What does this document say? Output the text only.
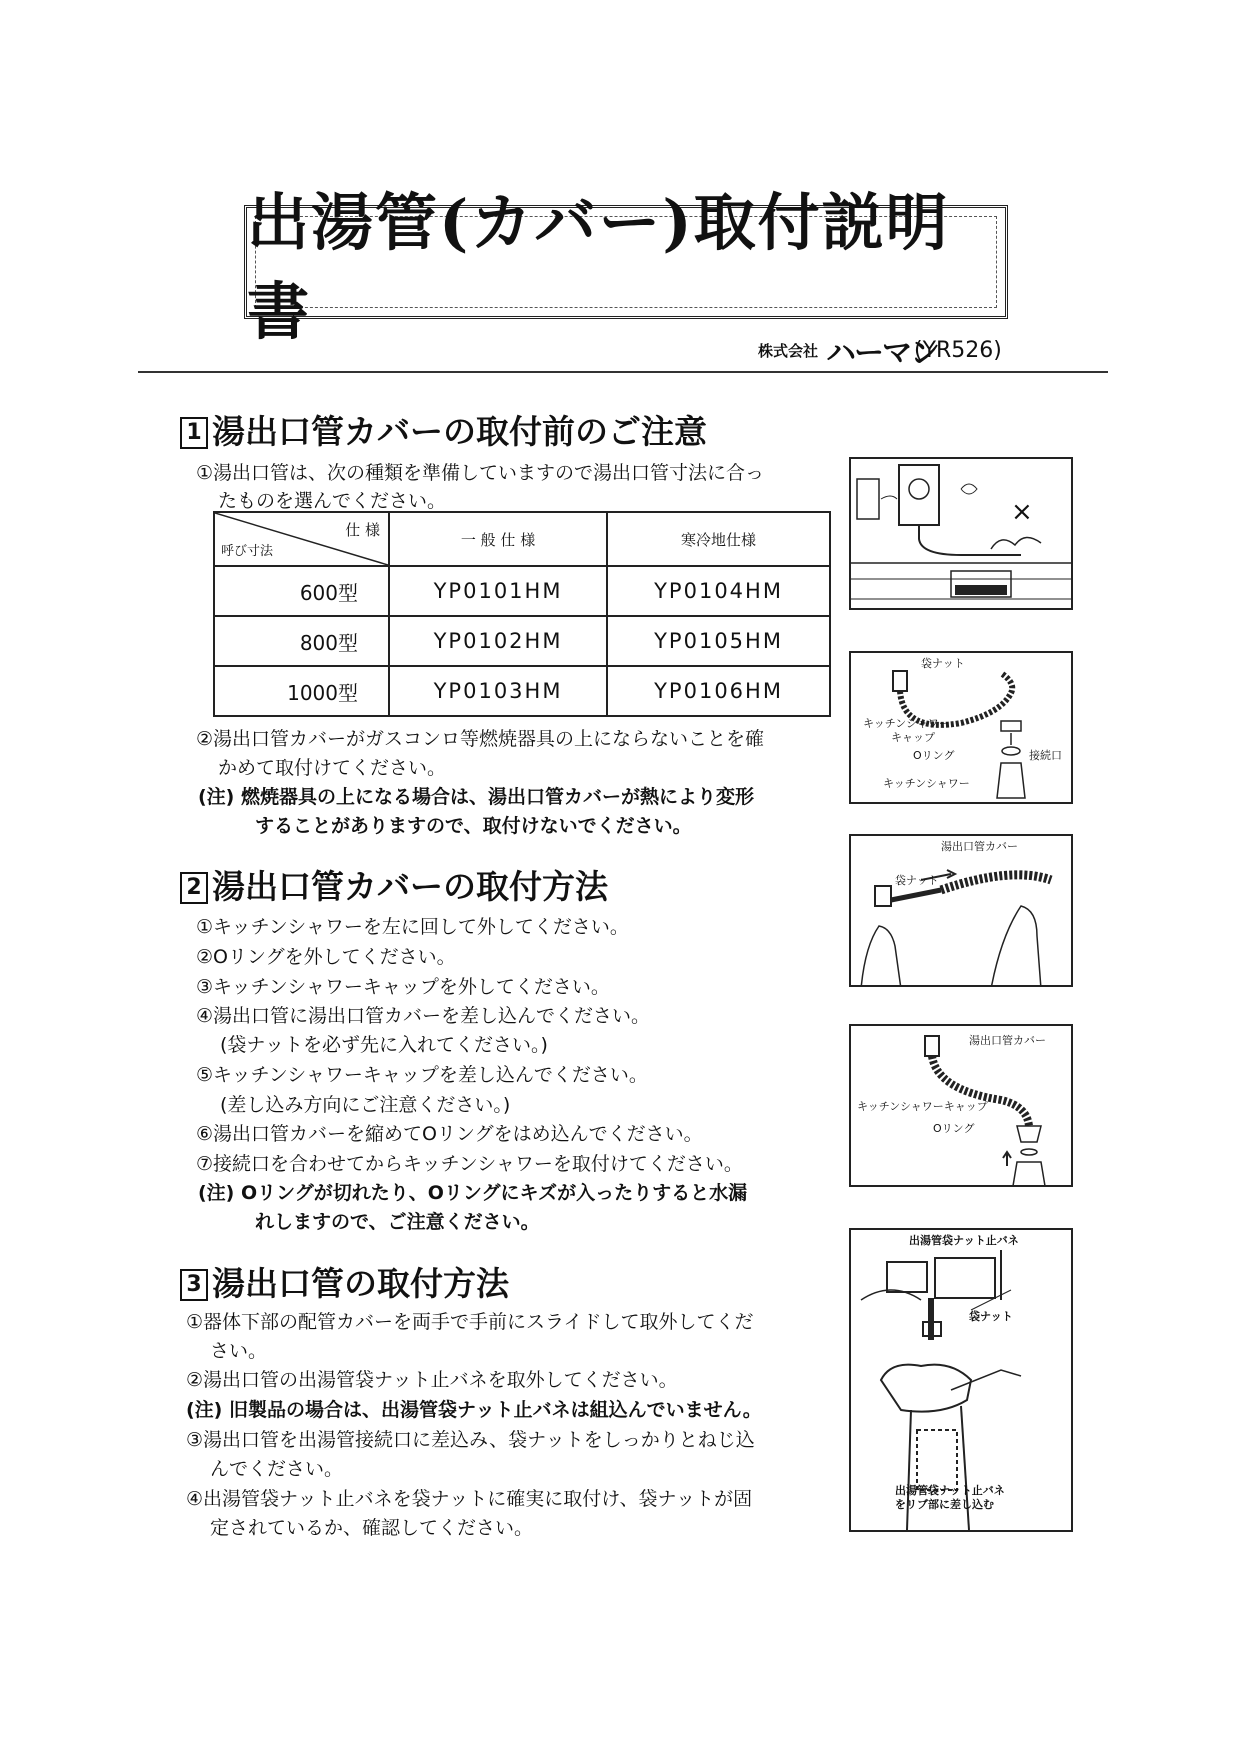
出湯管(カバー)取付説明書
株式会社 ハーマン
(YR526)
1 湯出口管カバーの取付前のご注意
①湯出口管は、次の種類を準備していますので湯出口管寸法に合っ
たものを選んでください。
仕 様
呼び寸法	一 般 仕 様	寒冷地仕様
600型	YP0101HM	YP0104HM
800型	YP0102HM	YP0105HM
1000型	YP0103HM	YP0106HM
②湯出口管カバーがガスコンロ等燃焼器具の上にならないことを確
かめて取付けてください。
(注) 燃焼器具の上になる場合は、湯出口管カバーが熱により変形
することがありますので、取付けないでください。
2 湯出口管カバーの取付方法
①キッチンシャワーを左に回して外してください。
②Oリングを外してください。
③キッチンシャワーキャップを外してください。
④湯出口管に湯出口管カバーを差し込んでください。
(袋ナットを必ず先に入れてください。)
⑤キッチンシャワーキャップを差し込んでください。
(差し込み方向にご注意ください。)
⑥湯出口管カバーを縮めてOリングをはめ込んでください。
⑦接続口を合わせてからキッチンシャワーを取付けてください。
(注) Oリングが切れたり、Oリングにキズが入ったりすると水漏
れしますので、ご注意ください。
3 湯出口管の取付方法
①器体下部の配管カバーを両手で手前にスライドして取外してくだ
さい。
②湯出口管の出湯管袋ナット止バネを取外してください。
(注) 旧製品の場合は、出湯管袋ナット止バネは組込んでいません。
③湯出口管を出湯管接続口に差込み、袋ナットをしっかりとねじ込
んでください。
④出湯管袋ナット止バネを袋ナットに確実に取付け、袋ナットが固
定されているか、確認してください。
×
袋ナット
キッチンシャワー
キャップ
Oリング	接続口
キッチンシャワー
湯出口管カバー
袋ナット
湯出口管カバー
キッチンシャワーキャップ
Oリング
出湯管袋ナット止バネ
袋ナット
出湯管袋ナット止バネ
をリブ部に差し込む
